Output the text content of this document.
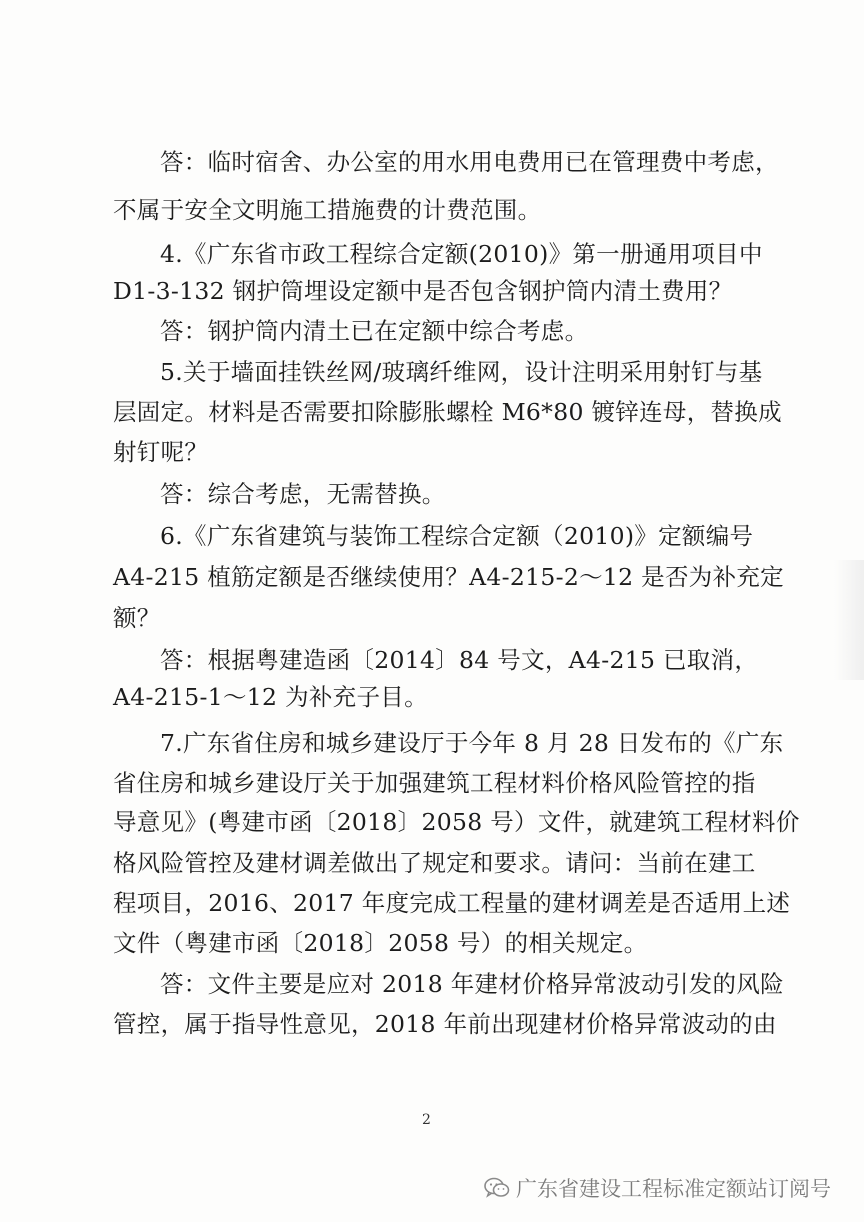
答：临时宿舍、办公室的用水用电费用已在管理费中考虑，
不属于安全文明施工措施费的计费范围。
4.《广东省市政工程综合定额(2010)》第一册通用项目中
D1-3-132 钢护筒埋设定额中是否包含钢护筒内清土费用？
答：钢护筒内清土已在定额中综合考虑。
5.关于墙面挂铁丝网/玻璃纤维网，设计注明采用射钉与基
层固定。材料是否需要扣除膨胀螺栓 M6*80 镀锌连母，替换成
射钉呢？
答：综合考虑，无需替换。
6.《广东省建筑与装饰工程综合定额（2010)》定额编号
A4-215 植筋定额是否继续使用？A4-215-2～12 是否为补充定
额？
答：根据粤建造函〔2014〕84 号文，A4-215 已取消，
A4-215-1～12 为补充子目。
7.广东省住房和城乡建设厅于今年 8 月 28 日发布的《广东
省住房和城乡建设厅关于加强建筑工程材料价格风险管控的指
导意见》(粤建市函〔2018〕2058 号）文件，就建筑工程材料价
格风险管控及建材调差做出了规定和要求。请问：当前在建工
程项目，2016、2017 年度完成工程量的建材调差是否适用上述
文件（粤建市函〔2018〕2058 号）的相关规定。
答：文件主要是应对 2018 年建材价格异常波动引发的风险
管控，属于指导性意见，2018 年前出现建材价格异常波动的由
2
广东省建设工程标准定额站订阅号
